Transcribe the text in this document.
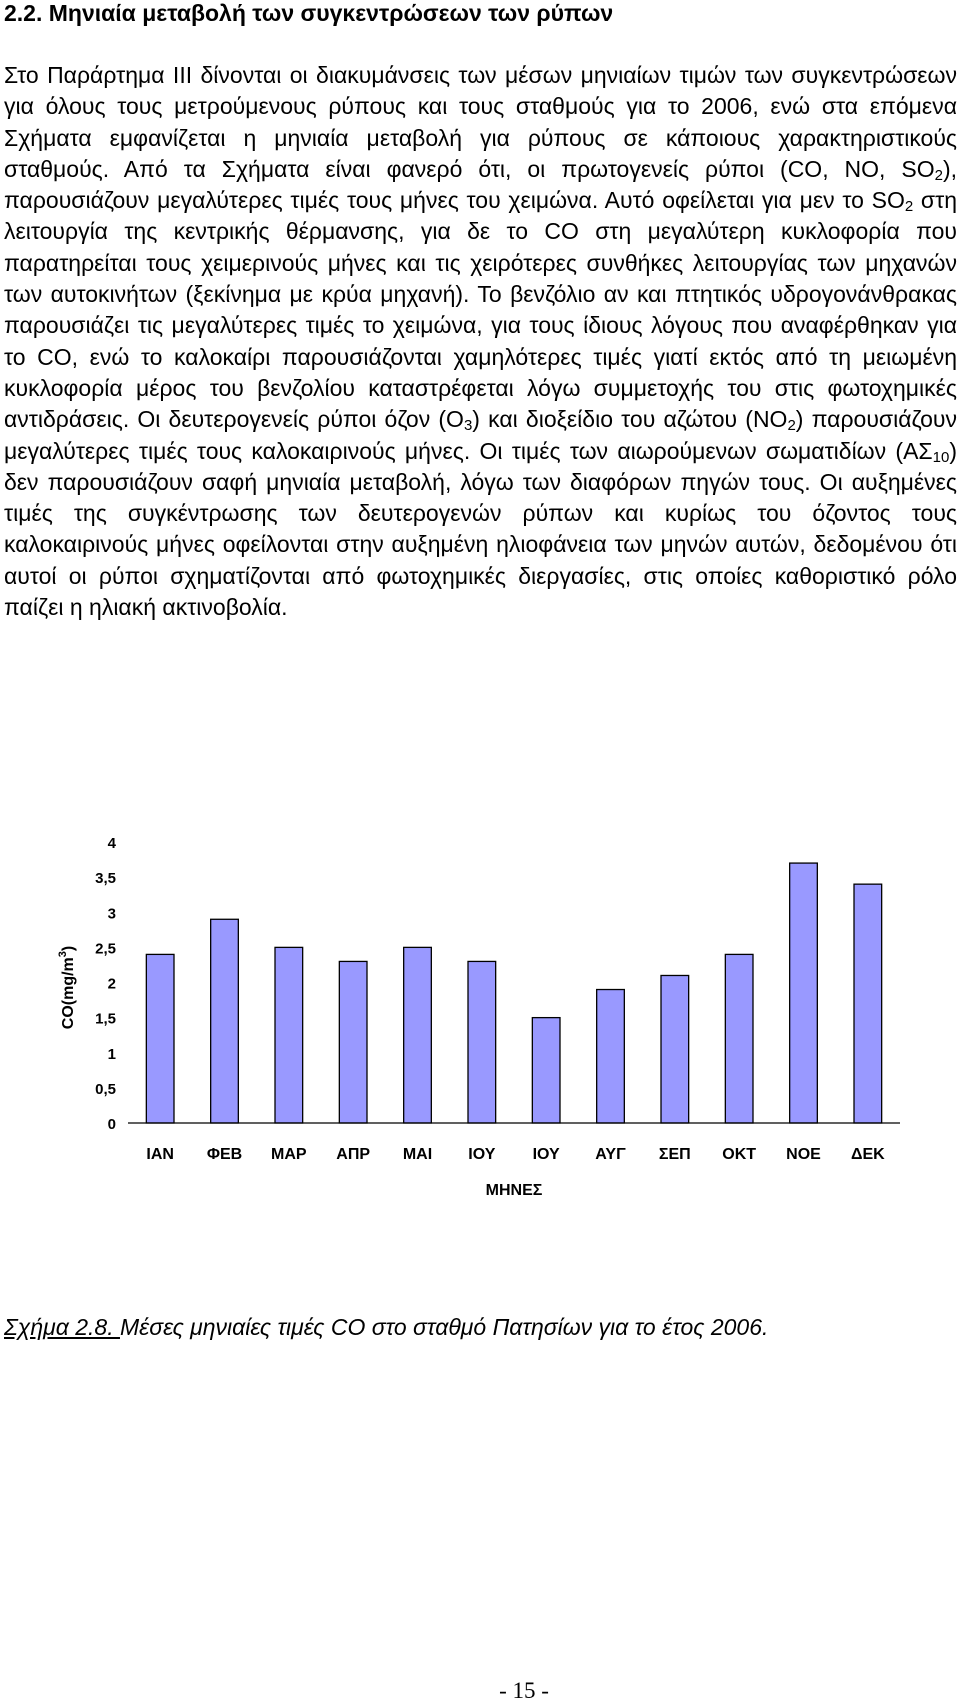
2.2. Μηνιαία μεταβολή των συγκεντρώσεων των ρύπων

Στο Παράρτημα III δίνονται οι διακυμάνσεις των μέσων μηνιαίων τιμών των συγκεντρώσεων για όλους τους μετρούμενους ρύπους και τους σταθμούς για το 2006, ενώ στα επόμενα Σχήματα εμφανίζεται η μηνιαία μεταβολή για ρύπους σε κάποιους χαρακτηριστικούς σταθμούς. Από τα Σχήματα είναι φανερό ότι, οι πρωτογενείς ρύποι (CO, NO, $SO_2$), παρουσιάζουν μεγαλύτερες τιμές τους μήνες του χειμώνα. Αυτό οφείλεται για μεν το $SO_2$ στη λειτουργία της κεντρικής θέρμανσης, για δε το CO στη μεγαλύτερη κυκλοφορία που παρατηρείται τους χειμερινούς μήνες και τις χειρότερες συνθήκες λειτουργίας των μηχανών των αυτοκινήτων (ξεκίνημα με κρύα μηχανή). Το βενζόλιο αν και πτητικός υδρογονάνθρακας παρουσιάζει τις μεγαλύτερες τιμές το χειμώνα, για τους ίδιους λόγους που αναφέρθηκαν για το CO, ενώ το καλοκαίρι παρουσιάζονται χαμηλότερες τιμές γιατί εκτός από τη μειωμένη κυκλοφορία μέρος του βενζολίου καταστρέφεται λόγω συμμετοχής του στις φωτοχημικές αντιδράσεις. Οι δευτερογενείς ρύποι όζον $(O_3)$ και διοξείδιο του αζώτου $(NO_2)$ παρουσιάζουν μεγαλύτερες τιμές τους καλοκαιρινούς μήνες. Οι τιμές των αιωρούμενων σωματιδίων $(A\Sigma_{10})$ δεν παρουσιάζουν σαφή μηνιαία μεταβολή, λόγω των διαφόρων πηγών τους. Οι αυξημένες τιμές της συγκέντρωσης των δευτερογενών ρύπων και κυρίως του όζοντος τους καλοκαιρινούς μήνες οφείλονται στην αυξημένη ηλιοφάνεια των μηνών αυτών, δεδομένου ότι αυτοί οι ρύποι σχηματίζονται από φωτοχημικές διεργασίες, στις οποίες καθοριστικό ρόλο παίζει η ηλιακή ακτινοβολία.

0
0,5
1
1,5
2
2,5
3
3,5
4
ΙΑΝ ΦΕΒ ΜΑΡ ΑΠΡ ΜΑΙ ΙΟΥ ΙΟΥ ΑΥΓ ΣΕΠ ΟΚΤ ΝΟΕ ΔΕΚ
ΜΗΝΕΣ
$CO(mg/m^3)$

Σχήμα 2.8. Μέσες μηνιαίες τιμές CO στο σταθμό Πατησίων για το έτος 2006.

- 15 -
